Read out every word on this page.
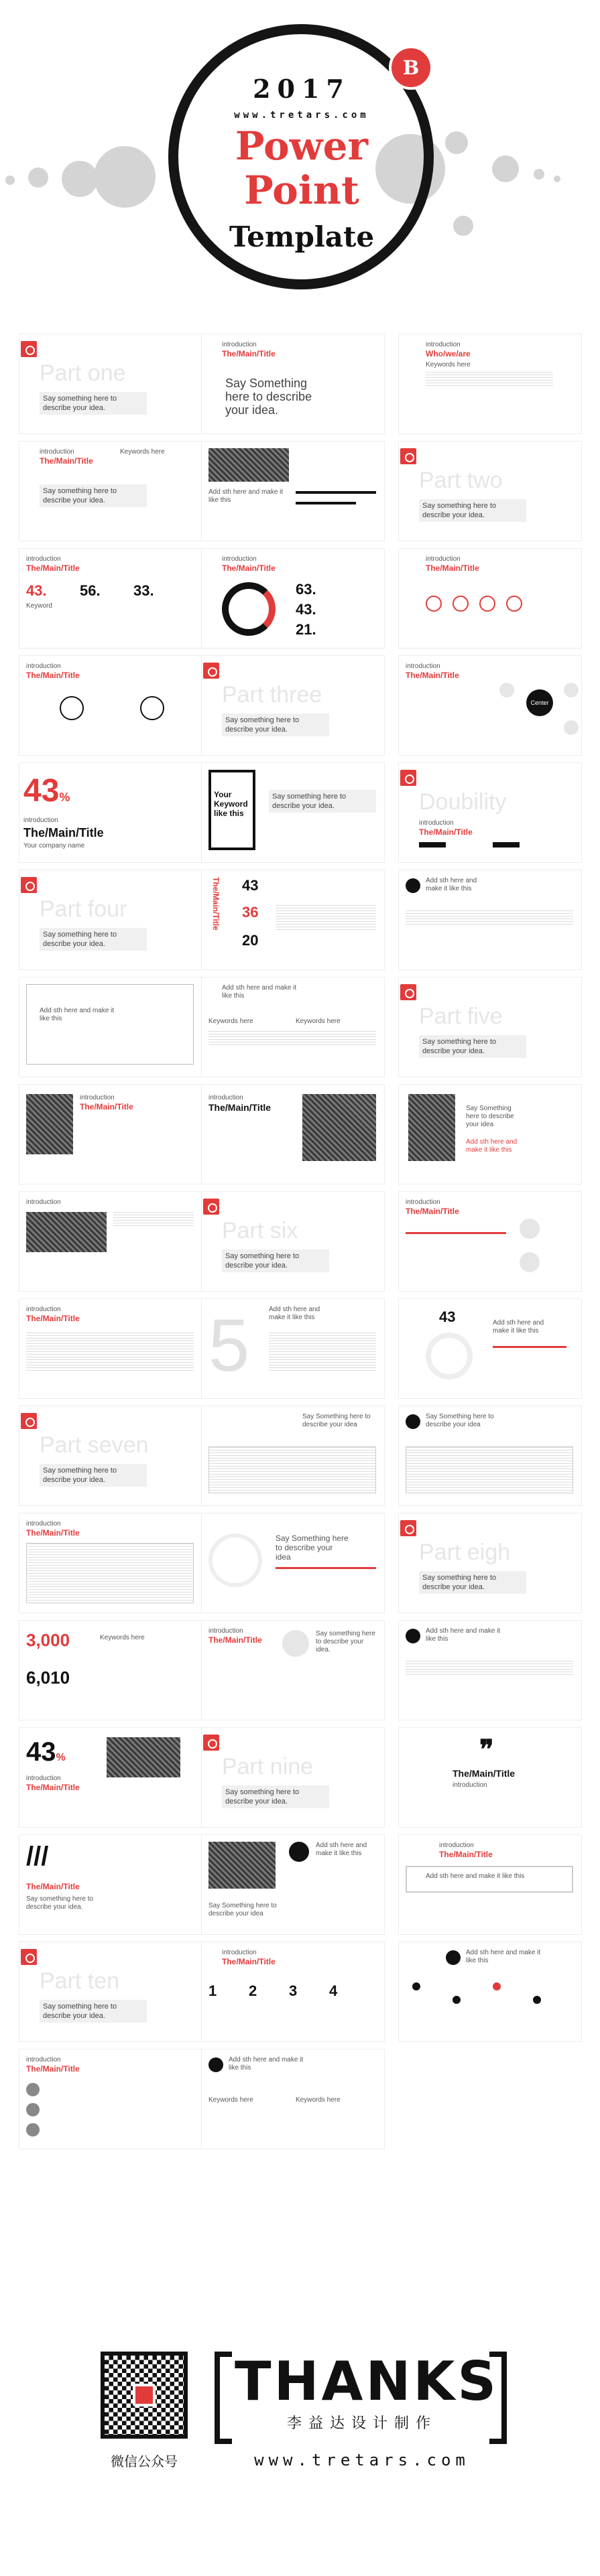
B
2017
www.tretars.com
Power
Point
Template
Part one
Say something here to describe your idea.
introduction
The/Main/Title
Say Something here to describe your idea.
introduction
Who/we/are
Keywords here
introduction
The/Main/Title
Keywords here
Say something here to describe your idea.
Add sth here and make it like this
Part two
Say something here to describe your idea.
introduction
The/Main/Title
43. 56. 33.
Keyword
introduction
The/Main/Title
63.
43.
21.
introduction
The/Main/Title
introduction
The/Main/Title
Part three
Say something here to describe your idea.
introduction
The/Main/Title
Center
43%
introduction
The/Main/Title
Your company name
Your Keyword like this
Say something here to describe your idea.	Doubility
introduction
The/Main/Title
Part four
Say something here to describe your idea.
The/Main/Title 43
36
20
Add sth here and make it like this
Add sth here and make it like this
Add sth here and make it like this
Keywords here	Keywords here	Part five
Say something here to describe your idea.
introduction
The/Main/Title
introduction
The/Main/Title	Say Something here to describe your idea
Add sth here and make it like this
introduction
Part six
Say something here to describe your idea.
introduction
The/Main/Title
introduction
The/Main/Title 5	Add sth here and make it like this	43	Add sth here and make it like this
Part seven
Say something here to describe your idea.
Say Something here to describe your idea
Say Something here to describe your idea
introduction
The/Main/Title
Say Something here to describe your idea	Part eigh
Say something here to describe your idea.
3,000
6,010
Keywords here
introduction
The/Main/Title
Say something here to describe your idea.
Add sth here and make it like this
43%
introduction
The/Main/Title
Part nine
Say something here to describe your idea.
❞
The/Main/Title
introduction
///
The/Main/Title
Say something here to describe your idea.
Add sth here and make it like this
Say Something here to describe your idea
introduction
The/Main/Title
Add sth here and make it like this
Part ten
Say something here to describe your idea.
introduction
The/Main/Title
1 2 3 4
Add sth here and make it like this
introduction
The/Main/Title
Add sth here and make it like this
Keywords here	Keywords here
微信公众号
THANKS
李益达设计制作
www.tretars.com
